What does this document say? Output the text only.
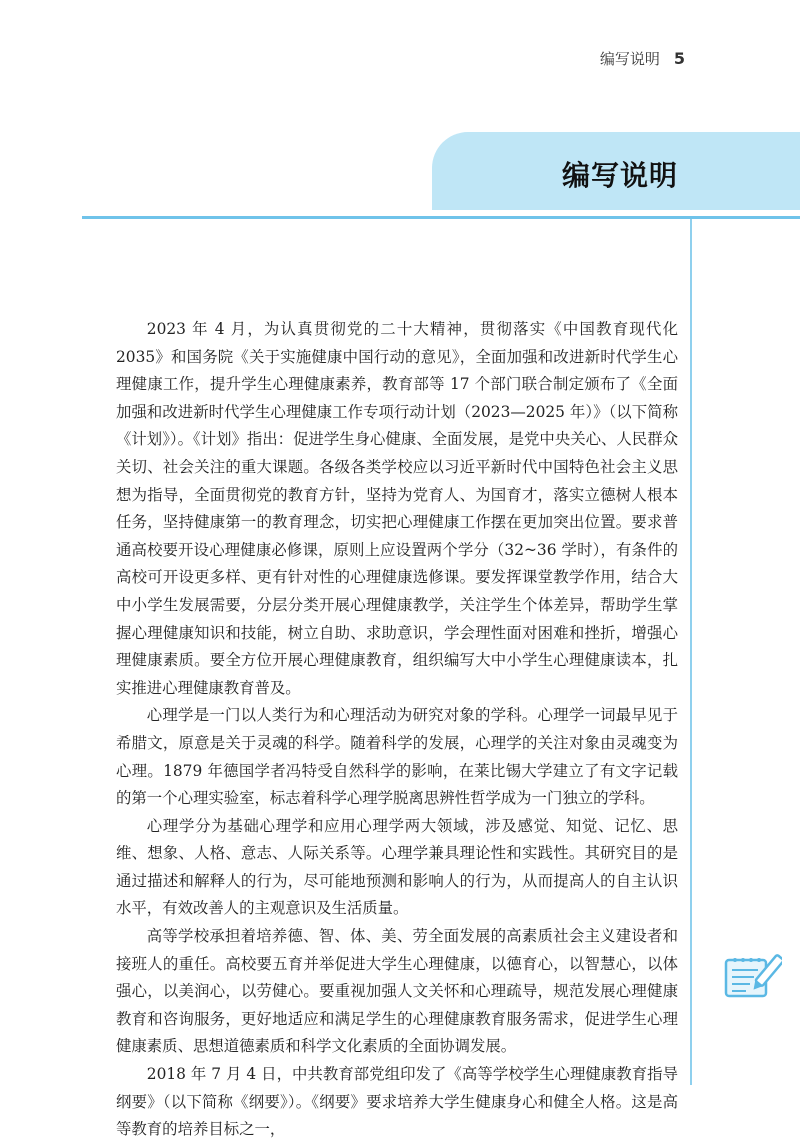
编写说明 5
编写说明

2023 年 4 月，为认真贯彻党的二十大精神，贯彻落实《中国教育现代化 2035》和国务院《关于实施健康中国行动的意见》，全面加强和改进新时代学生心理健康工作，提升学生心理健康素养，教育部等 17 个部门联合制定颁布了《全面加强和改进新时代学生心理健康工作专项行动计划（2023—2025 年）》（以下简称《计划》）。《计划》指出：促进学生身心健康、全面发展，是党中央关心、人民群众关切、社会关注的重大课题。各级各类学校应以习近平新时代中国特色社会主义思想为指导，全面贯彻党的教育方针，坚持为党育人、为国育才，落实立德树人根本任务，坚持健康第一的教育理念，切实把心理健康工作摆在更加突出位置。要求普通高校要开设心理健康必修课，原则上应设置两个学分（32~36 学时），有条件的高校可开设更多样、更有针对性的心理健康选修课。要发挥课堂教学作用，结合大中小学生发展需要，分层分类开展心理健康教学，关注学生个体差异，帮助学生掌握心理健康知识和技能，树立自助、求助意识，学会理性面对困难和挫折，增强心理健康素质。要全方位开展心理健康教育，组织编写大中小学生心理健康读本，扎实推进心理健康教育普及。

心理学是一门以人类行为和心理活动为研究对象的学科。心理学一词最早见于希腊文，原意是关于灵魂的科学。随着科学的发展，心理学的关注对象由灵魂变为心理。1879 年德国学者冯特受自然科学的影响，在莱比锡大学建立了有文字记载的第一个心理实验室，标志着科学心理学脱离思辨性哲学成为一门独立的学科。

心理学分为基础心理学和应用心理学两大领域，涉及感觉、知觉、记忆、思维、想象、人格、意志、人际关系等。心理学兼具理论性和实践性。其研究目的是通过描述和解释人的行为，尽可能地预测和影响人的行为，从而提高人的自主认识水平，有效改善人的主观意识及生活质量。

高等学校承担着培养德、智、体、美、劳全面发展的高素质社会主义建设者和接班人的重任。高校要五育并举促进大学生心理健康，以德育心，以智慧心，以体强心，以美润心，以劳健心。要重视加强人文关怀和心理疏导，规范发展心理健康教育和咨询服务，更好地适应和满足学生的心理健康教育服务需求，促进学生心理健康素质、思想道德素质和科学文化素质的全面协调发展。

2018 年 7 月 4 日，中共教育部党组印发了《高等学校学生心理健康教育指导纲要》（以下简称《纲要》）。《纲要》要求培养大学生健康身心和健全人格。这是高等教育的培养目标之一，
